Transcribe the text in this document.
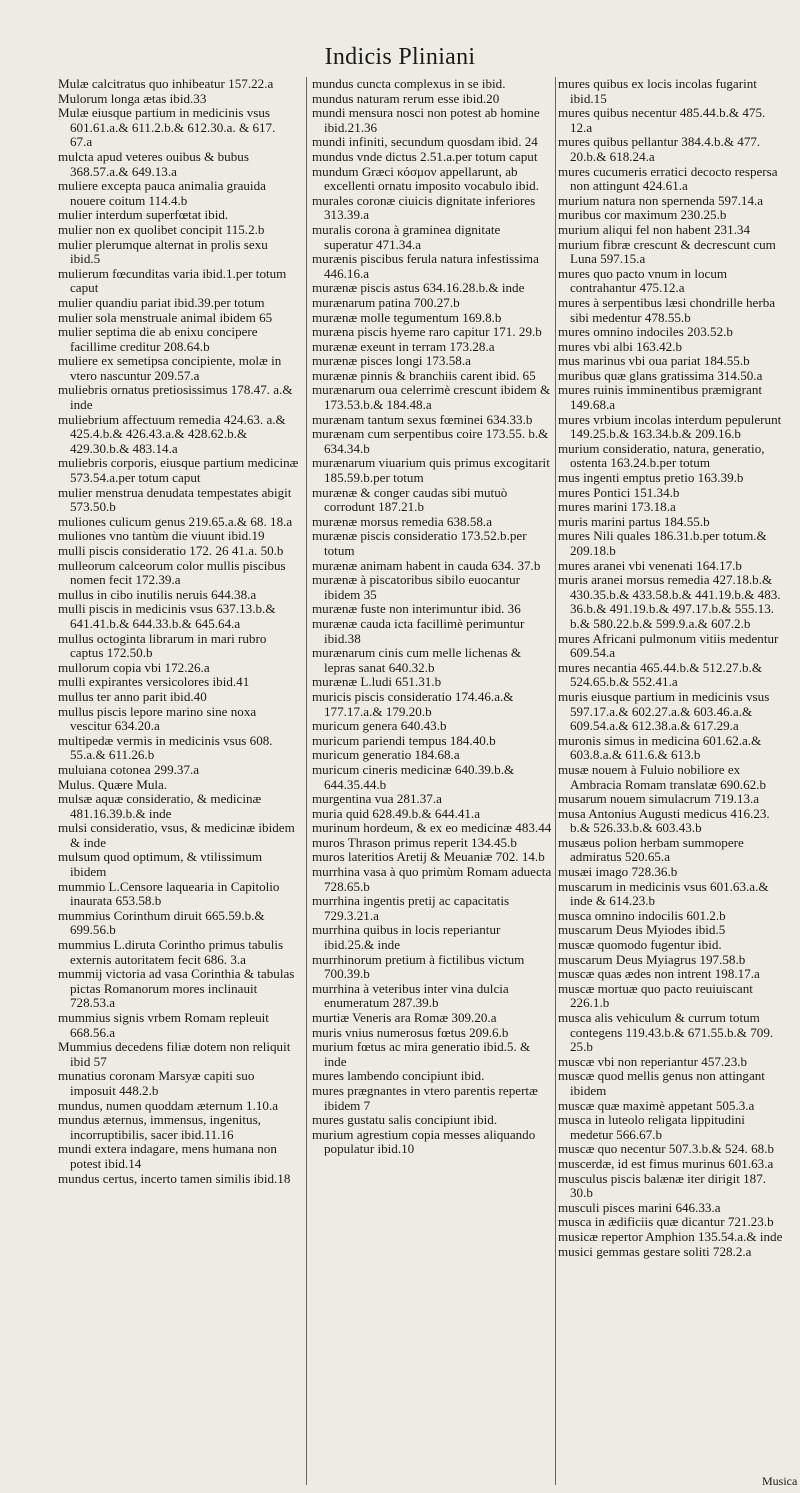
Indicis Pliniani

Mulæ calcitratus quo inhibeatur 157.22.a

Mulorum longa ætas ibid.33

Mulæ eiusque partium in medicinis vsus 601.61.a.& 611.2.b.& 612.30.a. & 617. 67.a

mulcta apud veteres ouibus & bubus 368.57.a.& 649.13.a

muliere excepta pauca animalia grauida nouere coitum 114.4.b

mulier interdum superfœtat ibid.

mulier non ex quolibet concipit 115.2.b

mulier plerumque alternat in prolis sexu ibid.5

mulierum fœcunditas varia ibid.1.per totum caput

mulier quandiu pariat ibid.39.per totum

mulier sola menstruale animal ibidem 65

mulier septima die ab enixu concipere facillime creditur 208.64.b

muliere ex semetipsa concipiente, molæ in vtero nascuntur 209.57.a

muliebris ornatus pretiosissimus 178.47. a.& inde

muliebrium affectuum remedia 424.63. a.& 425.4.b.& 426.43.a.& 428.62.b.& 429.30.b.& 483.14.a

muliebris corporis, eiusque partium medicinæ 573.54.a.per totum caput

mulier menstrua denudata tempestates abigit 573.50.b

muliones culicum genus 219.65.a.& 68. 18.a

muliones vno tantùm die viuunt ibid.19

mulli piscis consideratio 172. 26 41.a. 50.b

mulleorum calceorum color mullis piscibus nomen fecit 172.39.a

mullus in cibo inutilis neruis 644.38.a

mulli piscis in medicinis vsus 637.13.b.& 641.41.b.& 644.33.b.& 645.64.a

mullus octoginta librarum in mari rubro captus 172.50.b

mullorum copia vbi 172.26.a

mulli expirantes versicolores ibid.41

mullus ter anno parit ibid.40

mullus piscis lepore marino sine noxa vescitur 634.20.a

multipedæ vermis in medicinis vsus 608. 55.a.& 611.26.b

muluiana cotonea 299.37.a

Mulus. Quære Mula.

mulsæ aquæ consideratio, & medicinæ 481.16.39.b.& inde

mulsi consideratio, vsus, & medicinæ ibidem & inde

mulsum quod optimum, & vtilissimum ibidem

mummio L.Censore laquearia in Capitolio inaurata 653.58.b

mummius Corinthum diruit 665.59.b.& 699.56.b

mummius L.diruta Corintho primus tabulis externis autoritatem fecit 686. 3.a

mummij victoria ad vasa Corinthia & tabulas pictas Romanorum mores inclinauit 728.53.a

mummius signis vrbem Romam repleuit 668.56.a

Mummius decedens filiæ dotem non reliquit ibid 57

munatius coronam Marsyæ capiti suo imposuit 448.2.b

mundus, numen quoddam æternum 1.10.a

mundus æternus, immensus, ingenitus, incorruptibilis, sacer ibid.11.16

mundi extera indagare, mens humana non potest ibid.14

mundus certus, incerto tamen similis ibid.18

mundus cuncta complexus in se ibid.

mundus naturam rerum esse ibid.20

mundi mensura nosci non potest ab homine ibid.21.36

mundi infiniti, secundum quosdam ibid. 24

mundus vnde dictus 2.51.a.per totum caput

mundum Græci κόσμον appellarunt, ab excellenti ornatu imposito vocabulo ibid.

murales coronæ ciuicis dignitate inferiores 313.39.a

muralis corona à graminea dignitate superatur 471.34.a

murænis piscibus ferula natura infestissima 446.16.a

murænæ piscis astus 634.16.28.b.& inde

murænarum patina 700.27.b

murænæ molle tegumentum 169.8.b

muræna piscis hyeme raro capitur 171. 29.b

murænæ exeunt in terram 173.28.a

murænæ pisces longi 173.58.a

murænæ pinnis & branchiis carent ibid. 65

murænarum oua celerrimè crescunt ibidem & 173.53.b.& 184.48.a

murænam tantum sexus fœminei 634.33.b

murænam cum serpentibus coire 173.55. b.& 634.34.b

murænarum viuarium quis primus excogitarit 185.59.b.per totum

murænæ & conger caudas sibi mutuò corrodunt 187.21.b

murænæ morsus remedia 638.58.a

murænæ piscis consideratio 173.52.b.per totum

murænæ animam habent in cauda 634. 37.b

murænæ à piscatoribus sibilo euocantur ibidem 35

murænæ fuste non interimuntur ibid. 36

murænæ cauda icta facillimè perimuntur ibid.38

murænarum cinis cum melle lichenas & lepras sanat 640.32.b

murænæ L.ludi 651.31.b

muricis piscis consideratio 174.46.a.& 177.17.a.& 179.20.b

muricum genera 640.43.b

muricum pariendi tempus 184.40.b

muricum generatio 184.68.a

muricum cineris medicinæ 640.39.b.& 644.35.44.b

murgentina vua 281.37.a

muria quid 628.49.b.& 644.41.a

murinum hordeum, & ex eo medicinæ 483.44

muros Thrason primus reperit 134.45.b

muros lateritios Aretij & Meuaniæ 702. 14.b

murrhina vasa à quo primùm Romam aduecta 728.65.b

murrhina ingentis pretij ac capacitatis 729.3.21.a

murrhina quibus in locis reperiantur ibid.25.& inde

murrhinorum pretium à fictilibus victum 700.39.b

murrhina à veteribus inter vina dulcia enumeratum 287.39.b

murtiæ Veneris ara Romæ 309.20.a

muris vnius numerosus fœtus 209.6.b

murium fœtus ac mira generatio ibid.5. & inde

mures lambendo concipiunt ibid.

mures prægnantes in vtero parentis repertæ ibidem 7

mures gustatu salis concipiunt ibid.

murium agrestium copia messes aliquando populatur ibid.10

mures quibus ex locis incolas fugarint ibid.15

mures quibus necentur 485.44.b.& 475. 12.a

mures quibus pellantur 384.4.b.& 477. 20.b.& 618.24.a

mures cucumeris erratici decocto respersa non attingunt 424.61.a

murium natura non spernenda 597.14.a

muribus cor maximum 230.25.b

murium aliqui fel non habent 231.34

murium fibræ crescunt & decrescunt cum Luna 597.15.a

mures quo pacto vnum in locum contrahantur 475.12.a

mures à serpentibus læsi chondrille herba sibi medentur 478.55.b

mures omnino indociles 203.52.b

mures vbi albi 163.42.b

mus marinus vbi oua pariat 184.55.b

muribus quæ glans gratissima 314.50.a

mures ruinis imminentibus præmigrant 149.68.a

mures vrbium incolas interdum pepulerunt 149.25.b.& 163.34.b.& 209.16.b

murium consideratio, natura, generatio, ostenta 163.24.b.per totum

mus ingenti emptus pretio 163.39.b

mures Pontici 151.34.b

mures marini 173.18.a

muris marini partus 184.55.b

mures Nili quales 186.31.b.per totum.& 209.18.b

mures aranei vbi venenati 164.17.b

muris aranei morsus remedia 427.18.b.& 430.35.b.& 433.58.b.& 441.19.b.& 483. 36.b.& 491.19.b.& 497.17.b.& 555.13. b.& 580.22.b.& 599.9.a.& 607.2.b

mures Africani pulmonum vitiis medentur 609.54.a

mures necantia 465.44.b.& 512.27.b.& 524.65.b.& 552.41.a

muris eiusque partium in medicinis vsus 597.17.a.& 602.27.a.& 603.46.a.& 609.54.a.& 612.38.a.& 617.29.a

muronis simus in medicina 601.62.a.& 603.8.a.& 611.6.& 613.b

musæ nouem à Fuluio nobiliore ex Ambracia Romam translatæ 690.62.b

musarum nouem simulacrum 719.13.a

musa Antonius Augusti medicus 416.23. b.& 526.33.b.& 603.43.b

musæus polion herbam summopere admiratus 520.65.a

musæi imago 728.36.b

muscarum in medicinis vsus 601.63.a.& inde & 614.23.b

musca omnino indocilis 601.2.b

muscarum Deus Myiodes ibid.5

muscæ quomodo fugentur ibid.

muscarum Deus Myiagrus 197.58.b

muscæ quas ædes non intrent 198.17.a

muscæ mortuæ quo pacto reuiuiscant 226.1.b

musca alis vehiculum & currum totum contegens 119.43.b.& 671.55.b.& 709. 25.b

muscæ vbi non reperiantur 457.23.b

muscæ quod mellis genus non attingant ibidem

muscæ quæ maximè appetant 505.3.a

musca in luteolo religata lippitudini medetur 566.67.b

muscæ quo necentur 507.3.b.& 524. 68.b

muscerdæ, id est fimus murinus 601.63.a

musculus piscis balænæ iter dirigit 187. 30.b

musculi pisces marini 646.33.a

musca in ædificiis quæ dicantur 721.23.b

musicæ repertor Amphion 135.54.a.& inde

musici gemmas gestare soliti 728.2.a

Musica
